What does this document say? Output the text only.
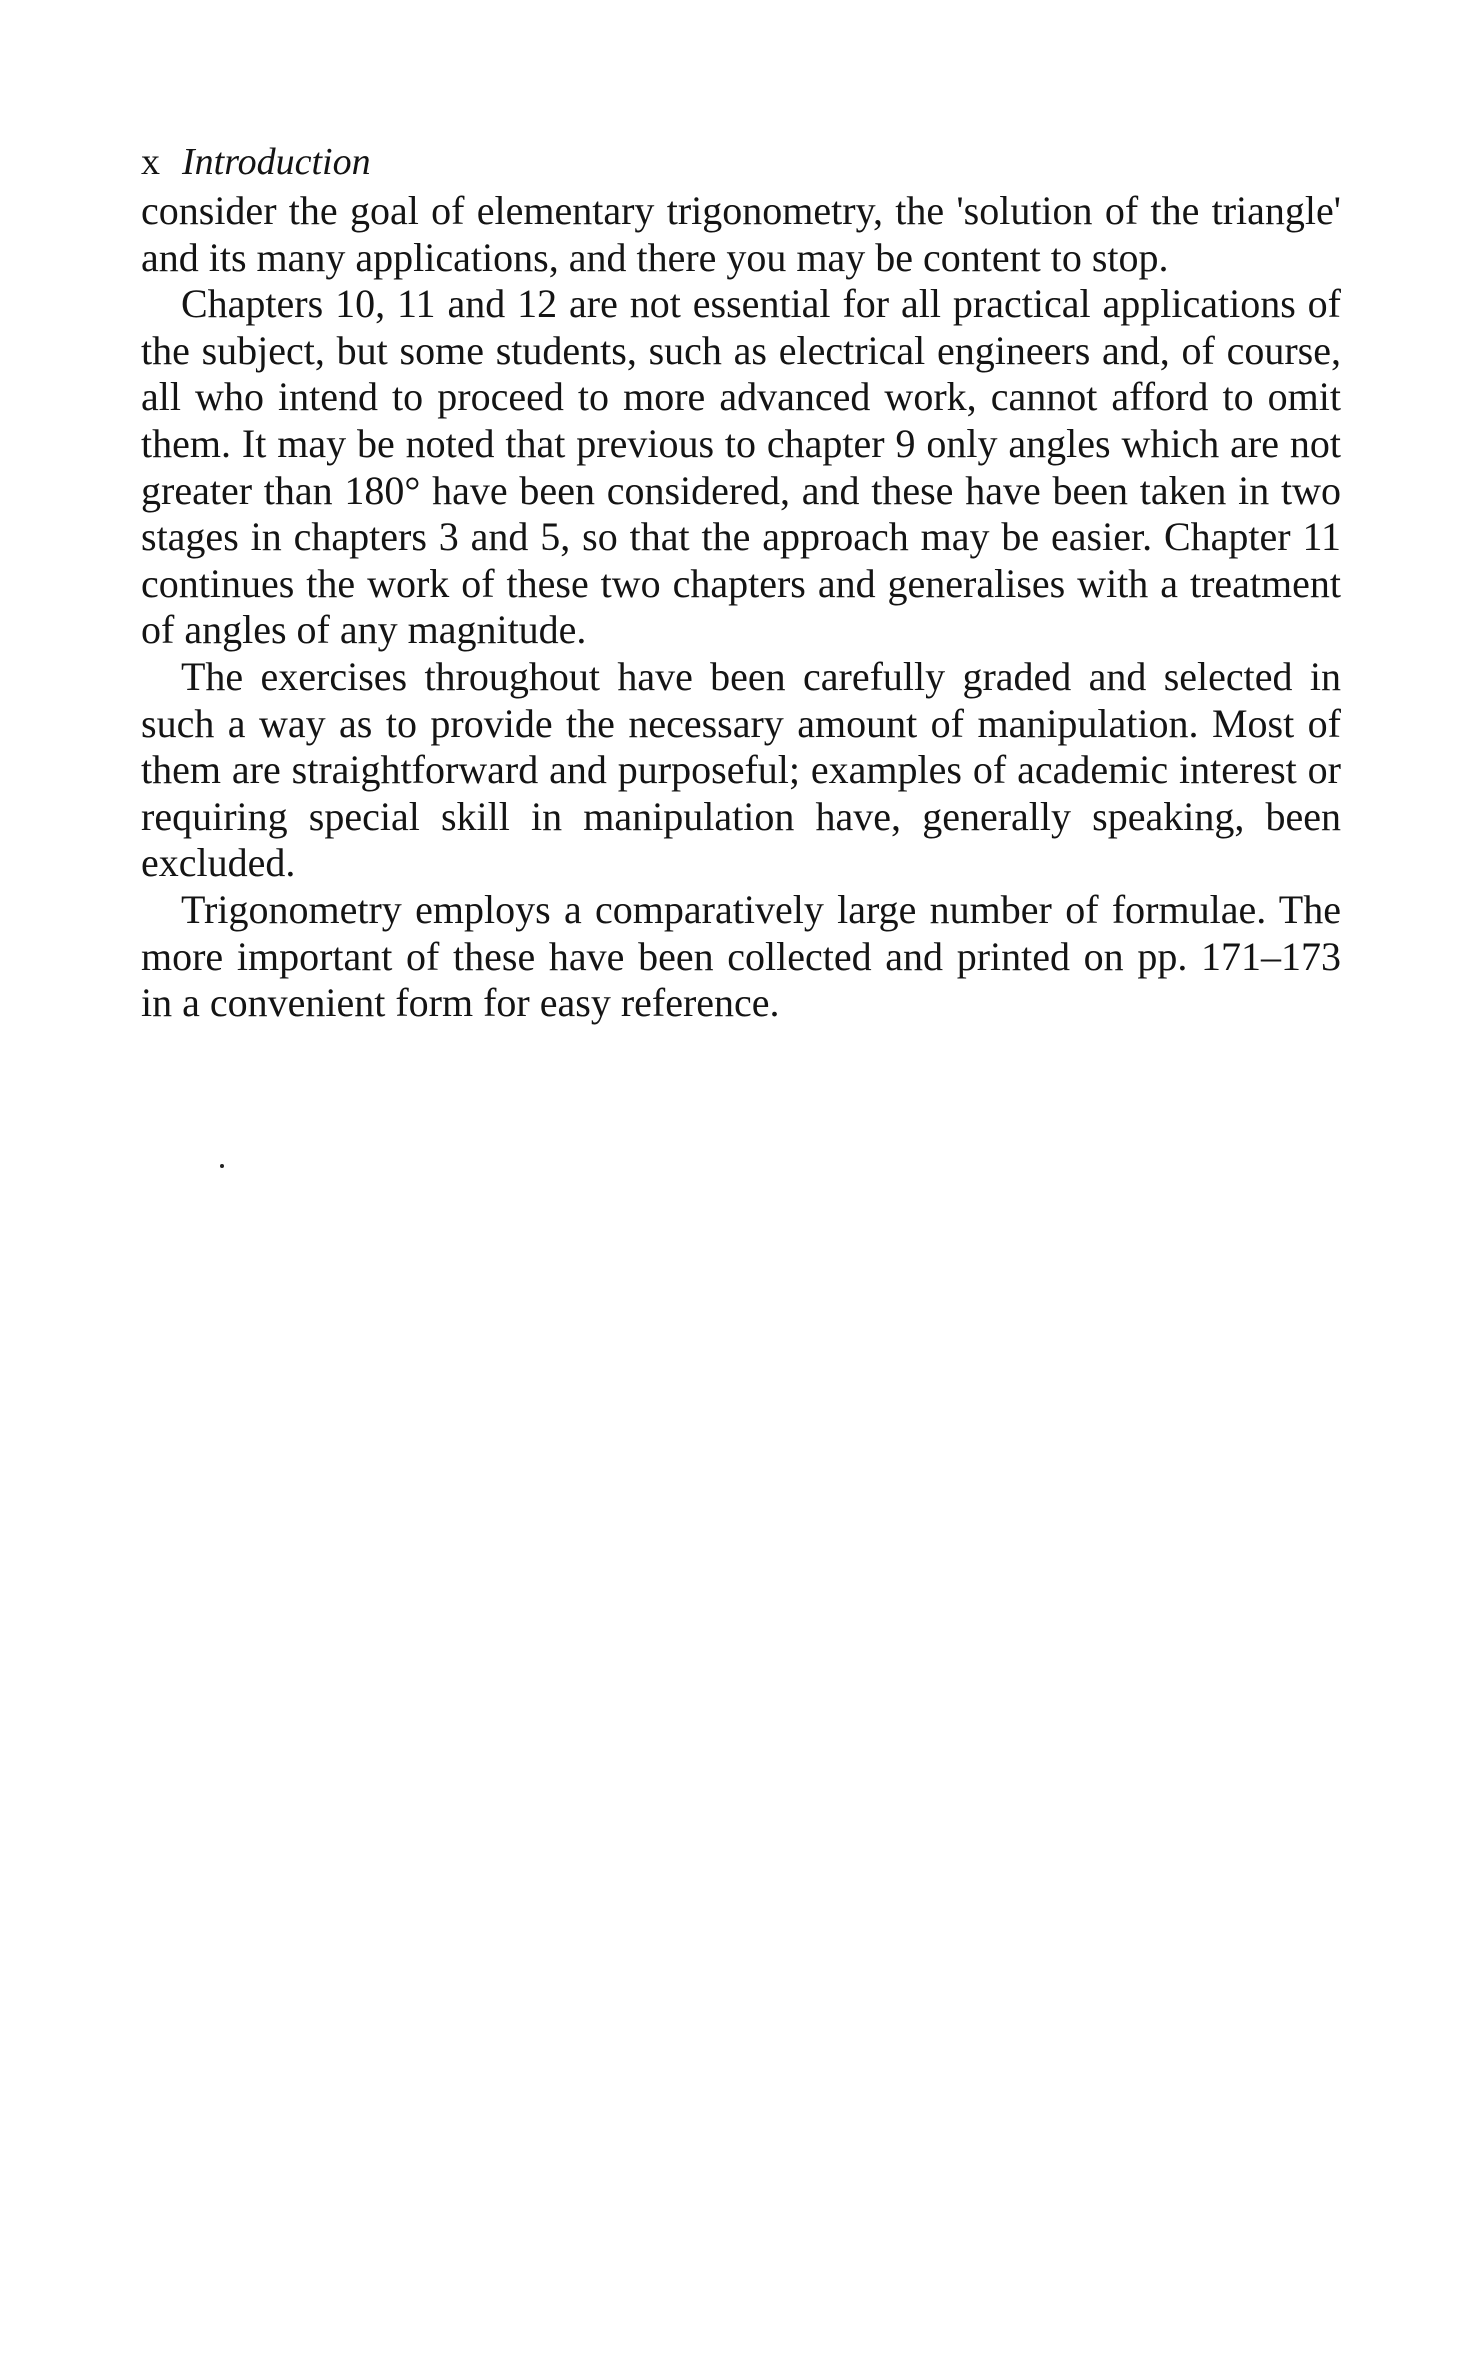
x Introduction

consider the goal of elementary trigonometry, the 'solution of the triangle' and its many applications, and there you may be content to stop.

Chapters 10, 11 and 12 are not essential for all practical applications of the subject, but some students, such as electrical engineers and, of course, all who intend to proceed to more advanced work, cannot afford to omit them. It may be noted that previous to chapter 9 only angles which are not greater than 180° have been considered, and these have been taken in two stages in chapters 3 and 5, so that the approach may be easier. Chapter 11 continues the work of these two chapters and generalises with a treatment of angles of any magnitude.

The exercises throughout have been carefully graded and selected in such a way as to provide the necessary amount of manipulation. Most of them are straightforward and purposeful; examples of academic interest or requiring special skill in manipulation have, generally speaking, been excluded.

Trigonometry employs a comparatively large number of formulae. The more important of these have been collected and printed on pp. 171–173 in a convenient form for easy reference.
